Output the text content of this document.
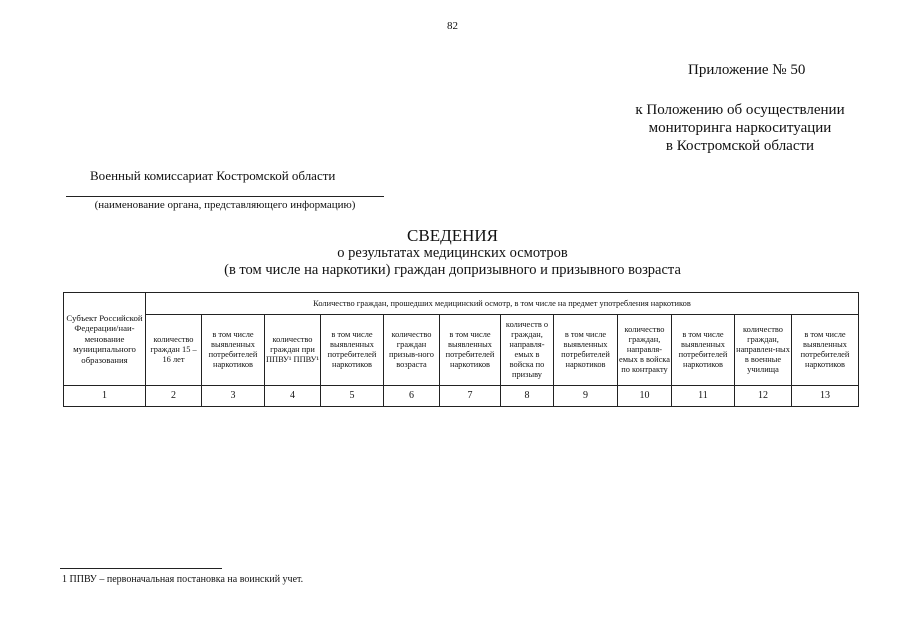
82
Приложение № 50
к Положению об осуществлении
мониторинга наркоситуации
в Костромской области
Военный комиссариат Костромской области
(наименование органа, представляющего информацию)
СВЕДЕНИЯ
о результатах медицинских осмотров
(в том числе на наркотики) граждан допризывного и призывного возраста
Субъект Российской Федерации/наи-менование муниципального образования	Количество граждан, прошедших медицинский осмотр, в том числе на предмет употребления наркотиков											
	количество граждан 15 – 16 лет	в том числе выявленных потребителей наркотиков	количество граждан при ППВУ¹ ППВУ¹	в том числе выявленных потребителей наркотиков	количество граждан призыв-ного возраста	в том числе выявленных потребителей наркотиков	количеств о граждан, направля-емых в войска по призыву	в том числе выявленных потребителей наркотиков	количество граждан, направля-емых в войска по контракту	в том числе выявленных потребителей наркотиков	количество граждан, направлен-ных в военные училища	в том числе выявленных потребителей наркотиков
1	2	3	4	5	6	7	8	9	10	11	12	13
1 ППВУ – первоначальная постановка на воинский учет.
